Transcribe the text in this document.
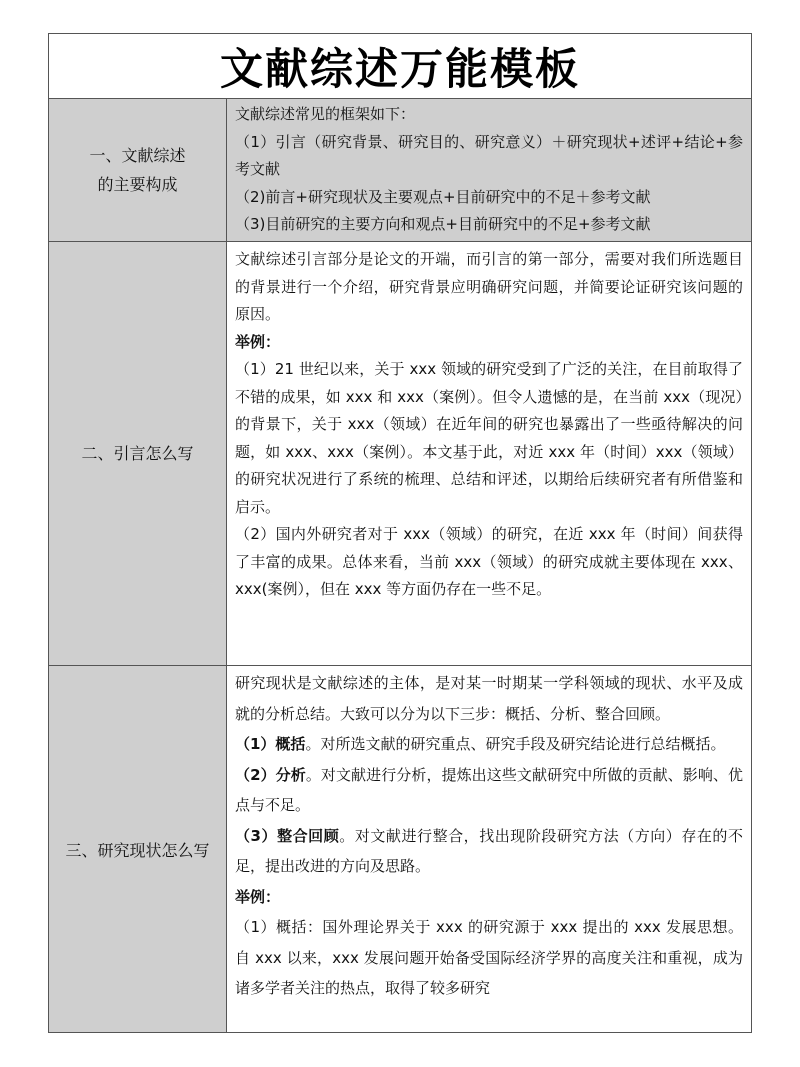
文献综述万能模板
一、文献综述
的主要构成

文献综述常见的框架如下：

（1）引言（研究背景、研究目的、研究意义）＋研究现状+述评+结论+参考文献

（2)前言+研究现状及主要观点+目前研究中的不足＋参考文献

（3)目前研究的主要方向和观点+目前研究中的不足+参考文献

二、引言怎么写

文献综述引言部分是论文的开端，而引言的第一部分，需要对我们所选题目的背景进行一个介绍，研究背景应明确研究问题，并简要论证研究该问题的原因。

举例：

（1）21 世纪以来，关于 xxx 领域的研究受到了广泛的关注，在目前取得了不错的成果，如 xxx 和 xxx（案例）。但令人遗憾的是，在当前 xxx（现况）的背景下，关于 xxx（领域）在近年间的研究也暴露出了一些亟待解决的问题，如 xxx、xxx（案例）。本文基于此，对近 xxx 年（时间）xxx（领域）的研究状况进行了系统的梳理、总结和评述，以期给后续研究者有所借鉴和启示。

（2）国内外研究者对于 xxx（领域）的研究，在近 xxx 年（时间）间获得了丰富的成果。总体来看，当前 xxx（领域）的研究成就主要体现在 xxx、xxx(案例），但在 xxx 等方面仍存在一些不足。

三、研究现状怎么写

研究现状是文献综述的主体，是对某一时期某一学科领域的现状、水平及成就的分析总结。大致可以分为以下三步：概括、分析、整合回顾。

（1）概括。对所选文献的研究重点、研究手段及研究结论进行总结概括。

（2）分析。对文献进行分析，提炼出这些文献研究中所做的贡献、影响、优点与不足。

（3）整合回顾。对文献进行整合，找出现阶段研究方法（方向）存在的不足，提出改进的方向及思路。

举例：

（1）概括：国外理论界关于 xxx 的研究源于 xxx 提出的 xxx 发展思想。自 xxx 以来，xxx 发展问题开始备受国际经济学界的高度关注和重视，成为诸多学者关注的热点，取得了较多研究
